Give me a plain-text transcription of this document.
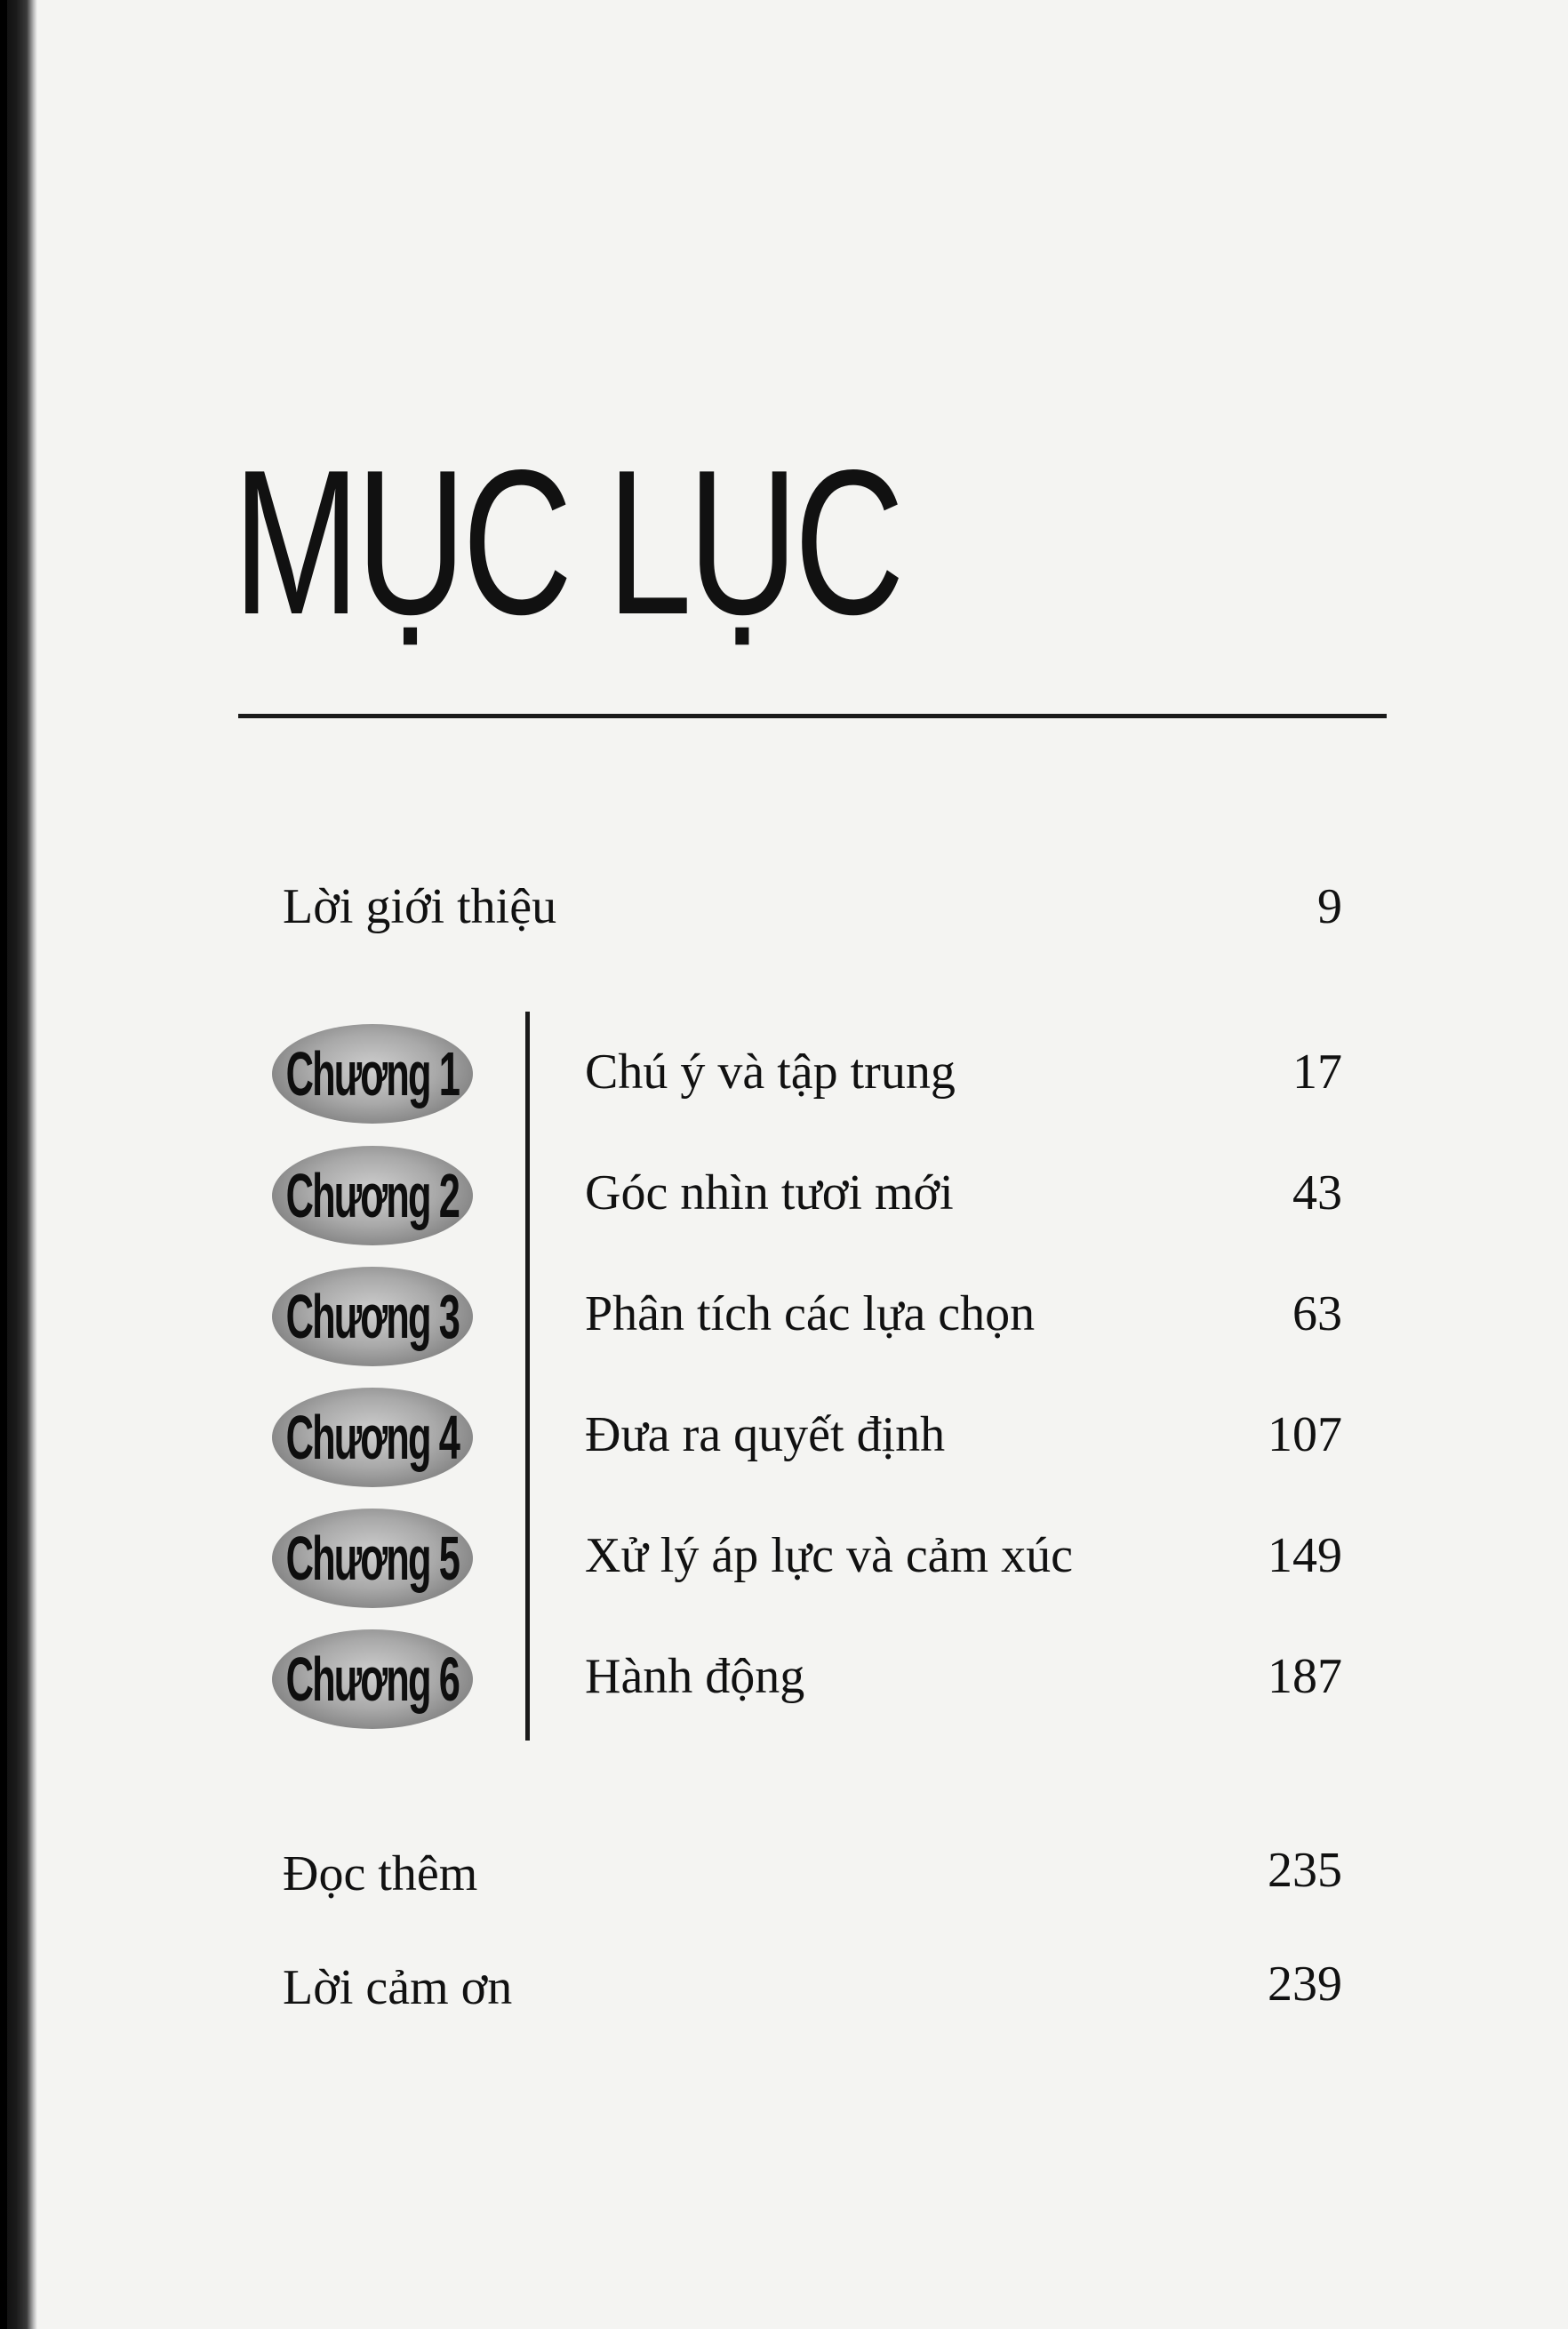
MỤC LỤC
Lời giới thiệu	9
Chương 1	Chú ý và tập trung	17
Chương 2	Góc nhìn tươi mới	43
Chương 3	Phân tích các lựa chọn	63
Chương 4	Đưa ra quyết định	107
Chương 5	Xử lý áp lực và cảm xúc	149
Chương 6	Hành động	187
Đọc thêm	235
Lời cảm ơn	239
